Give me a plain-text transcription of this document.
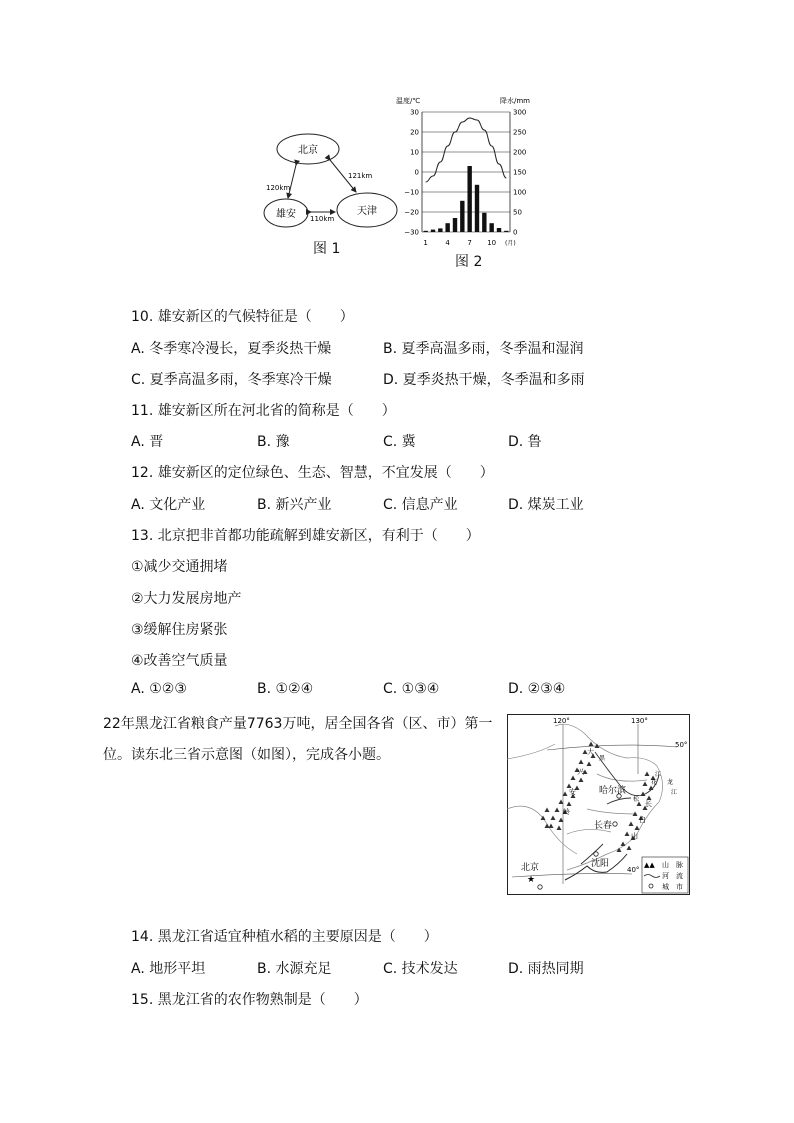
北京
雄安	天津
120km
121km
110km
图 1
温度/℃	降水/mm
30
20
10
0
−10
−20
−30
300
250
200
150
100
50
0
1	4	7 10 (月)
图 2
10. 雄安新区的气候特征是（　　）
A. 冬季寒冷漫长，夏季炎热干燥	B. 夏季高温多雨，冬季温和湿润
C. 夏季高温多雨，冬季寒冷干燥	D. 夏季炎热干燥，冬季温和多雨
11. 雄安新区所在河北省的简称是（　　）
A. 晋	B. 豫	C. 冀	D. 鲁
12. 雄安新区的定位绿色、生态、智慧，不宜发展（　　）
A. 文化产业	B. 新兴产业	C. 信息产业	D. 煤炭工业
13. 北京把非首都功能疏解到雄安新区，有利于（　　）
①减少交通拥堵
②大力发展房地产
③缓解住房紧张
④改善空气质量
A. ①②③	B. ①②④	C. ①③④	D. ②③④
22年黑龙江省粮食产量7763万吨，居全国各省（区、市）第一
位。读东北三省示意图（如图），完成各小题。
120°	130°
50°
40°
大
兴
安
岭
长
白
山
松
花
江
黑
龙
江
哈尔滨
长春
沈阳
★
北京	▲▲ 山　脉
河　流
城　市
14. 黑龙江省适宜种植水稻的主要原因是（　　）
A. 地形平坦	B. 水源充足	C. 技术发达	D. 雨热同期
15. 黑龙江省的农作物熟制是（　　）
